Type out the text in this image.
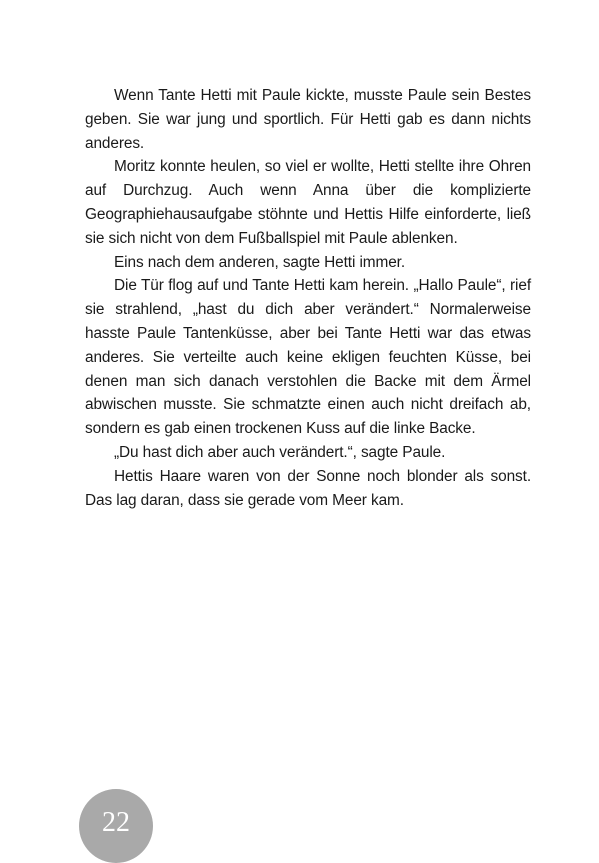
Wenn Tante Hetti mit Paule kickte, musste Paule sein Bestes geben. Sie war jung und sportlich. Für Hetti gab es dann nichts anderes.

Moritz konnte heulen, so viel er wollte, Hetti stellte ihre Ohren auf Durchzug. Auch wenn Anna über die komplizierte Geographiehausaufgabe stöhnte und Hettis Hilfe einforderte, ließ sie sich nicht von dem Fußballspiel mit Paule ablenken.

Eins nach dem anderen, sagte Hetti immer.

Die Tür flog auf und Tante Hetti kam herein. „Hallo Paule“, rief sie strahlend, „hast du dich aber verändert.“ Normalerweise hasste Paule Tantenküsse, aber bei Tante Hetti war das etwas anderes. Sie verteilte auch keine ekligen feuchten Küsse, bei denen man sich danach verstohlen die Backe mit dem Ärmel abwischen musste. Sie schmatzte einen auch nicht dreifach ab, sondern es gab einen trockenen Kuss auf die linke Backe.

„Du hast dich aber auch verändert.“, sagte Paule.

Hettis Haare waren von der Sonne noch blonder als sonst. Das lag daran, dass sie gerade vom Meer kam.

22
